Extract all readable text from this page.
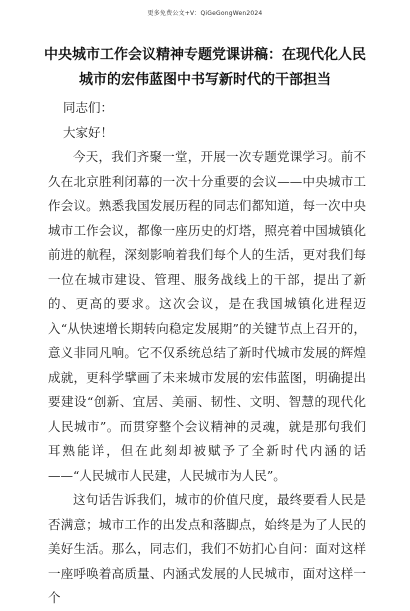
更多免费公文+V：QiGeGongWen2024
中央城市工作会议精神专题党课讲稿：在现代化人民城市的宏伟蓝图中书写新时代的干部担当

同志们：

大家好！

今天，我们齐聚一堂，开展一次专题党课学习。前不久在北京胜利闭幕的一次十分重要的会议——中央城市工作会议。熟悉我国发展历程的同志们都知道，每一次中央城市工作会议，都像一座历史的灯塔，照亮着中国城镇化前进的航程，深刻影响着我们每个人的生活，更对我们每一位在城市建设、管理、服务战线上的干部，提出了新的、更高的要求。这次会议，是在我国城镇化进程迈入“从快速增长期转向稳定发展期”的关键节点上召开的，意义非同凡响。它不仅系统总结了新时代城市发展的辉煌成就，更科学擘画了未来城市发展的宏伟蓝图，明确提出要建设“创新、宜居、美丽、韧性、文明、智慧的现代化人民城市”。而贯穿整个会议精神的灵魂，就是那句我们耳熟能详，但在此刻却被赋予了全新时代内涵的话——“人民城市人民建，人民城市为人民”。

这句话告诉我们，城市的价值尺度，最终要看人民是否满意；城市工作的出发点和落脚点，始终是为了人民的美好生活。那么，同志们，我们不妨扪心自问：面对这样一座呼唤着高质量、内涵式发展的人民城市，面对这样一个
